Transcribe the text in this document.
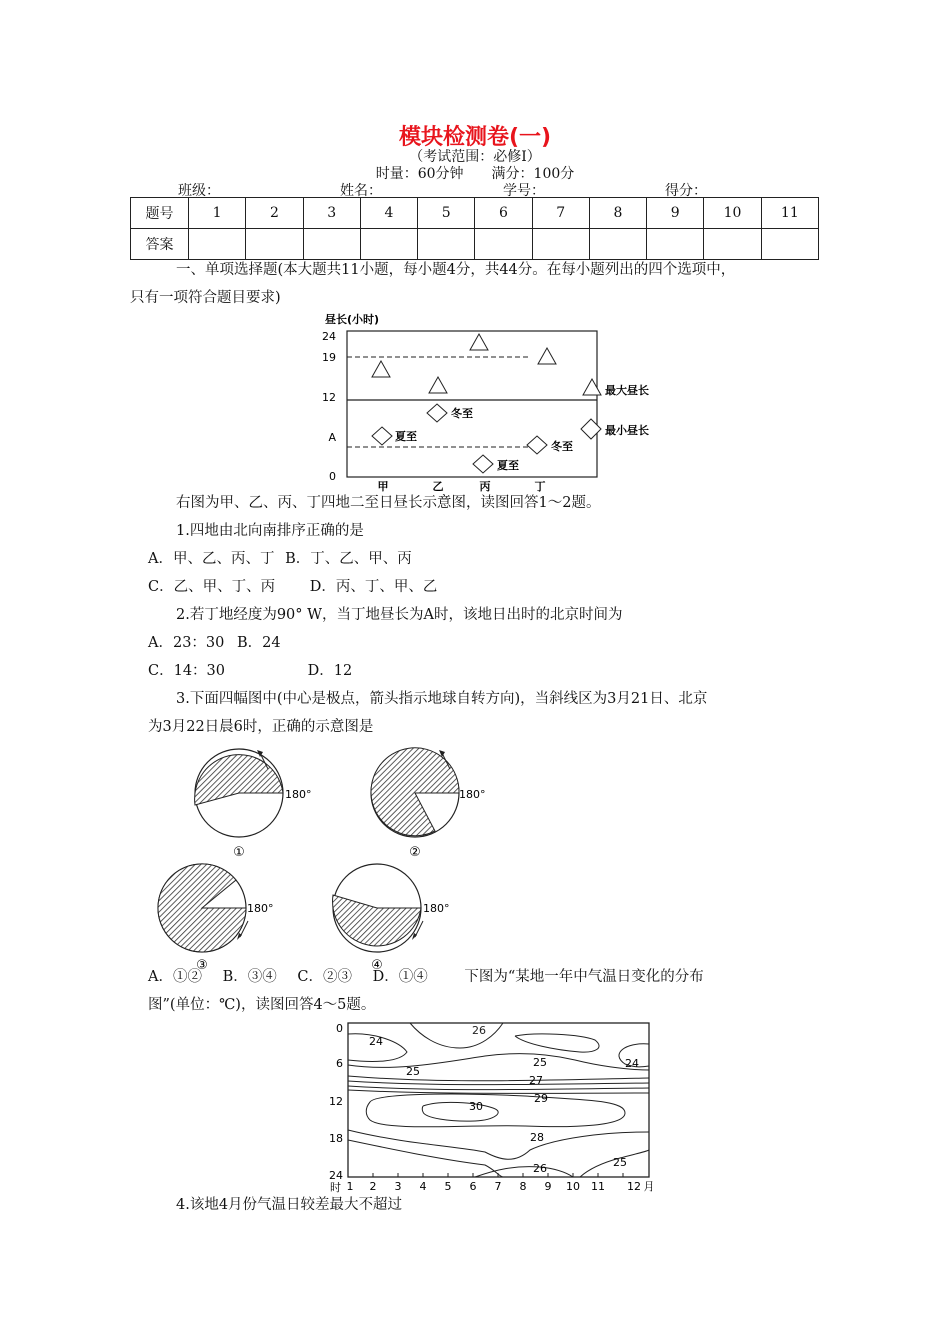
模块检测卷(一)
（考试范围：必修Ⅰ）
时量：60分钟　　满分：100分
班级：	姓名：	学号：	得分：
题号	1	2	3	4	5	6	7	8	9	10	11
答案											
一、单项选择题(本大题共11小题，每小题4分，共44分。在每小题列出的四个选项中，
只有一项符合题目要求)
昼长(小时)
24
19
12
A
0
冬至
夏至
冬至
夏至
甲	乙	丙	丁
最大昼长
最小昼长
右图为甲、乙、丙、丁四地二至日昼长示意图，读图回答1～2题。
1.四地由北向南排序正确的是
A．甲、乙、丙、丁 B．丁、乙、甲、丙
C．乙、甲、丁、丙 D．丙、丁、甲、乙
2.若丁地经度为90° W，当丁地昼长为A时，该地日出时的北京时间为
A．23：30 B．24
C．14：30	D．12
3.下面四幅图中(中心是极点，箭头指示地球自转方向)，当斜线区为3月21日、北京
为3月22日晨6时，正确的示意图是
180°
①
180°
②
180°
③
180°
④
A．①② B．③④ C．②③ D．①④	下图为“某地一年中气温日变化的分布
图”(单位：℃)，读图回答4～5题。
26
24
25
24
25
27
30
29
28
26	25
0
6
12
18
24
时 1 2 3 4 5 6 7 8 9 10 11 12 月
4.该地4月份气温日较差最大不超过
